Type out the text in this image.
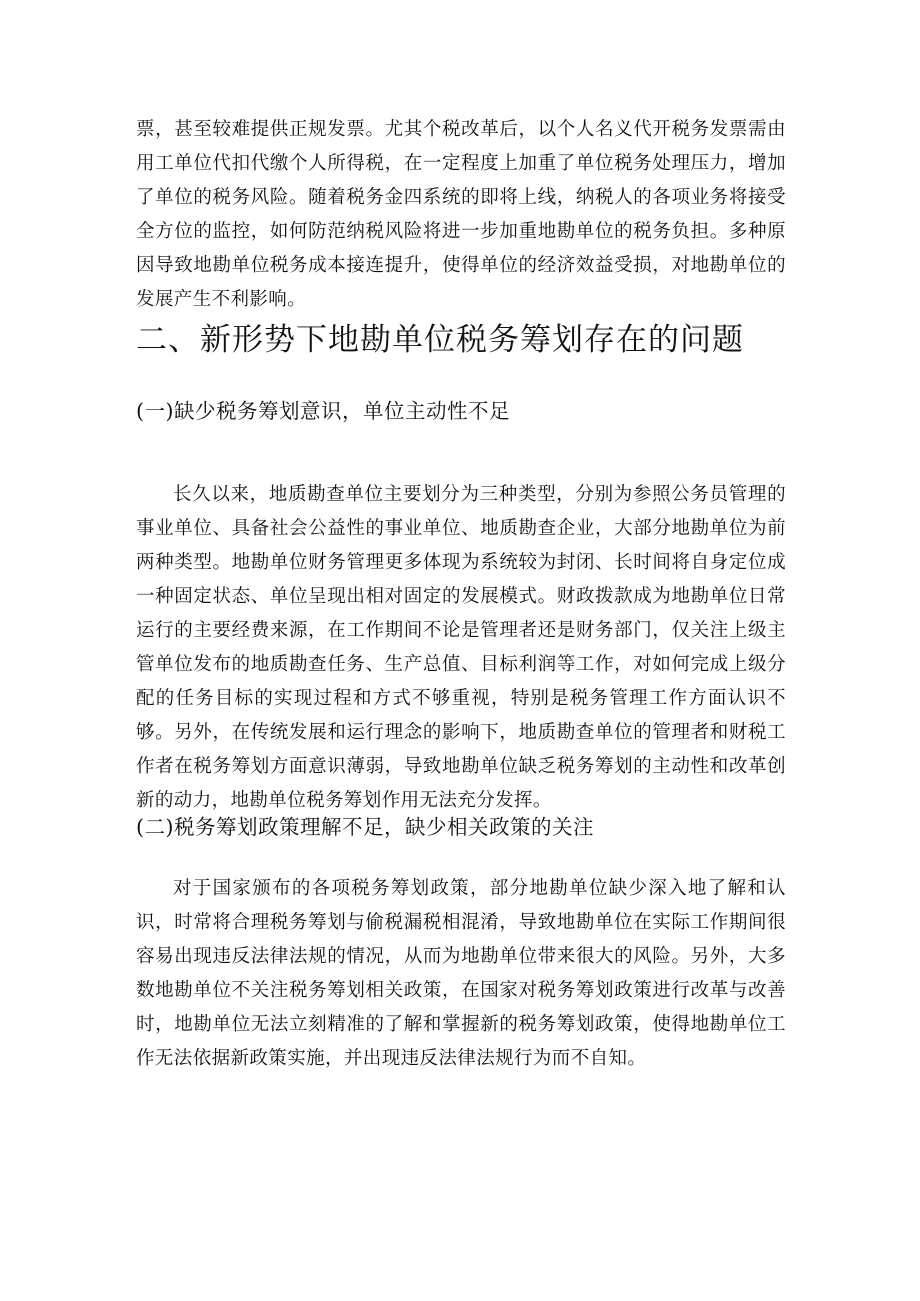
票，甚至较难提供正规发票。尤其个税改革后，以个人名义代开税务发票需由用工单位代扣代缴个人所得税，在一定程度上加重了单位税务处理压力，增加了单位的税务风险。随着税务金四系统的即将上线，纳税人的各项业务将接受全方位的监控，如何防范纳税风险将进一步加重地勘单位的税务负担。多种原因导致地勘单位税务成本接连提升，使得单位的经济效益受损，对地勘单位的发展产生不利影响。

二、新形势下地勘单位税务筹划存在的问题
(一)缺少税务筹划意识，单位主动性不足

长久以来，地质勘查单位主要划分为三种类型，分别为参照公务员管理的事业单位、具备社会公益性的事业单位、地质勘查企业，大部分地勘单位为前两种类型。地勘单位财务管理更多体现为系统较为封闭、长时间将自身定位成一种固定状态、单位呈现出相对固定的发展模式。财政拨款成为地勘单位日常运行的主要经费来源，在工作期间不论是管理者还是财务部门，仅关注上级主管单位发布的地质勘查任务、生产总值、目标利润等工作，对如何完成上级分配的任务目标的实现过程和方式不够重视，特别是税务管理工作方面认识不够。另外，在传统发展和运行理念的影响下，地质勘查单位的管理者和财税工作者在税务筹划方面意识薄弱，导致地勘单位缺乏税务筹划的主动性和改革创新的动力，地勘单位税务筹划作用无法充分发挥。

(二)税务筹划政策理解不足，缺少相关政策的关注

对于国家颁布的各项税务筹划政策，部分地勘单位缺少深入地了解和认识，时常将合理税务筹划与偷税漏税相混淆，导致地勘单位在实际工作期间很容易出现违反法律法规的情况，从而为地勘单位带来很大的风险。另外，大多数地勘单位不关注税务筹划相关政策，在国家对税务筹划政策进行改革与改善时，地勘单位无法立刻精准的了解和掌握新的税务筹划政策，使得地勘单位工作无法依据新政策实施，并出现违反法律法规行为而不自知。
